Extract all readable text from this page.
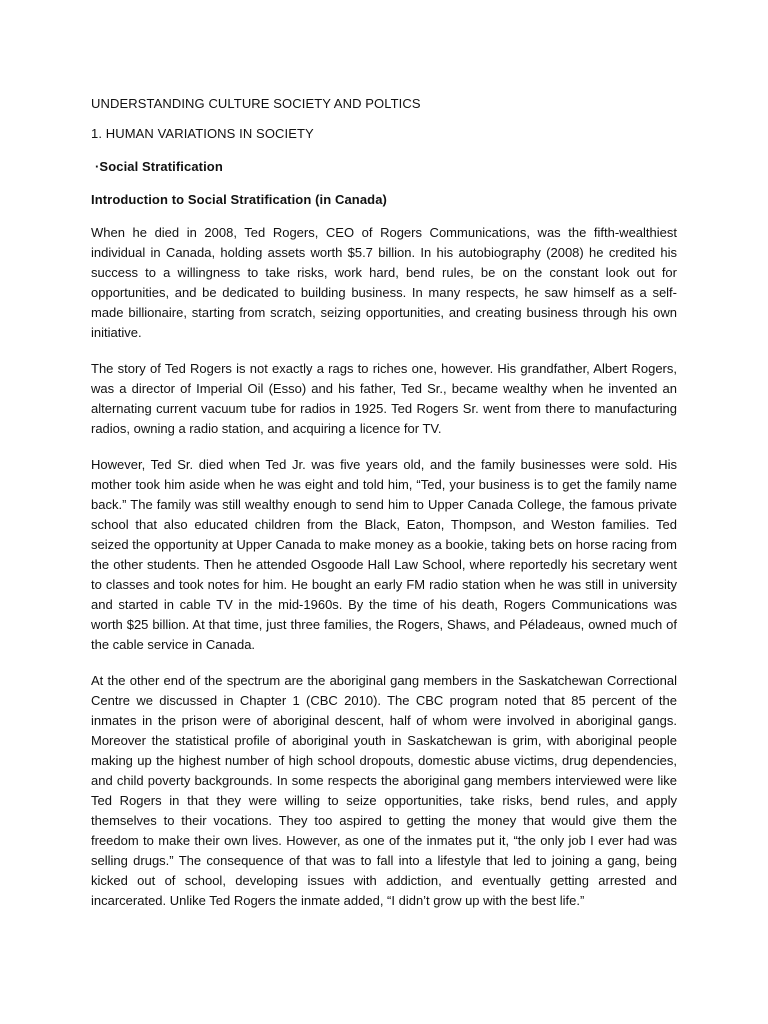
UNDERSTANDING CULTURE SOCIETY AND POLTICS
1. HUMAN VARIATIONS IN SOCIETY
·Social Stratification
Introduction to Social Stratification (in Canada)

When he died in 2008, Ted Rogers, CEO of Rogers Communications, was the fifth-wealthiest individual in Canada, holding assets worth $5.7 billion. In his autobiography (2008) he credited his success to a willingness to take risks, work hard, bend rules, be on the constant look out for opportunities, and be dedicated to building business. In many respects, he saw himself as a self-made billionaire, starting from scratch, seizing opportunities, and creating business through his own initiative.

The story of Ted Rogers is not exactly a rags to riches one, however. His grandfather, Albert Rogers, was a director of Imperial Oil (Esso) and his father, Ted Sr., became wealthy when he invented an alternating current vacuum tube for radios in 1925. Ted Rogers Sr. went from there to manufacturing radios, owning a radio station, and acquiring a licence for TV.

However, Ted Sr. died when Ted Jr. was five years old, and the family businesses were sold. His mother took him aside when he was eight and told him, “Ted, your business is to get the family name back.” The family was still wealthy enough to send him to Upper Canada College, the famous private school that also educated children from the Black, Eaton, Thompson, and Weston families. Ted seized the opportunity at Upper Canada to make money as a bookie, taking bets on horse racing from the other students. Then he attended Osgoode Hall Law School, where reportedly his secretary went to classes and took notes for him. He bought an early FM radio station when he was still in university and started in cable TV in the mid-1960s. By the time of his death, Rogers Communications was worth $25 billion. At that time, just three families, the Rogers, Shaws, and Péladeaus, owned much of the cable service in Canada.

At the other end of the spectrum are the aboriginal gang members in the Saskatchewan Correctional Centre we discussed in Chapter 1 (CBC 2010). The CBC program noted that 85 percent of the inmates in the prison were of aboriginal descent, half of whom were involved in aboriginal gangs. Moreover the statistical profile of aboriginal youth in Saskatchewan is grim, with aboriginal people making up the highest number of high school dropouts, domestic abuse victims, drug dependencies, and child poverty backgrounds. In some respects the aboriginal gang members interviewed were like Ted Rogers in that they were willing to seize opportunities, take risks, bend rules, and apply themselves to their vocations. They too aspired to getting the money that would give them the freedom to make their own lives. However, as one of the inmates put it, “the only job I ever had was selling drugs.” The consequence of that was to fall into a lifestyle that led to joining a gang, being kicked out of school, developing issues with addiction, and eventually getting arrested and incarcerated. Unlike Ted Rogers the inmate added, “I didn’t grow up with the best life.”
